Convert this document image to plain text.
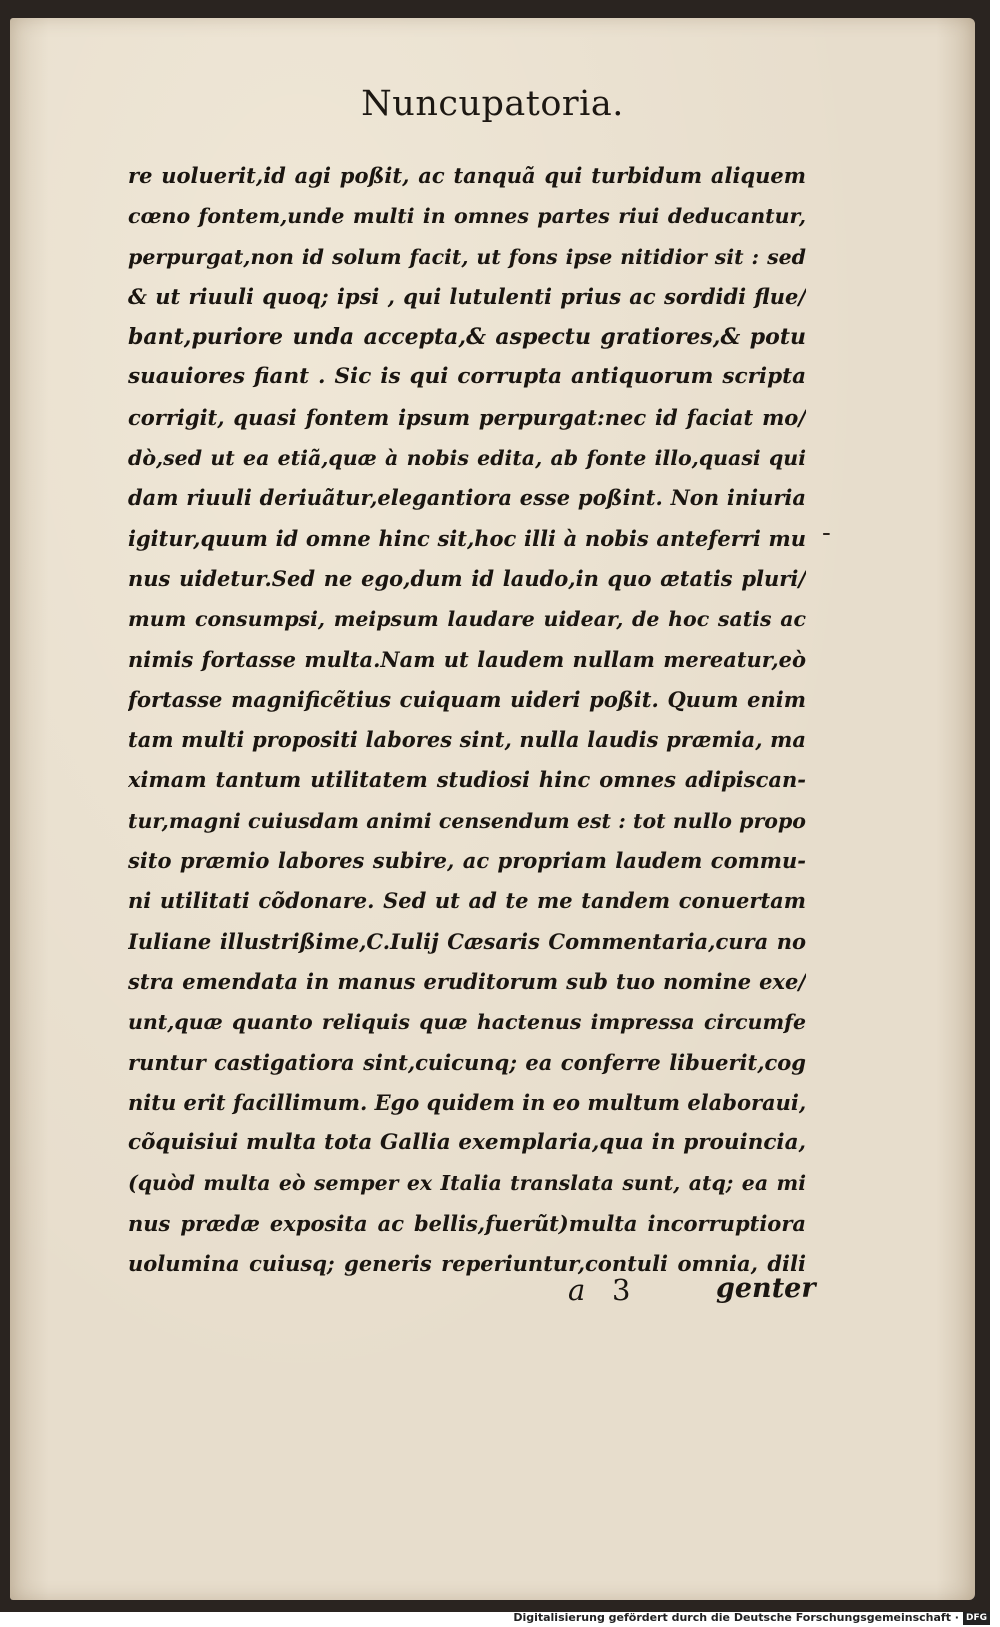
Nuncupatoria.
re uoluerit,id agi poßit, ac tanquã qui turbidum aliquem
cœno fontem,unde multi in omnes partes riui deducantur,
perpurgat,non id solum facit, ut fons ipse nitidior sit : sed
& ut riuuli quoq; ipsi , qui lutulenti prius ac sordidi flue/
bant,puriore unda accepta,& aspectu gratiores,& potu
suauiores fiant . Sic is qui corrupta antiquorum scripta
corrigit, quasi fontem ipsum perpurgat:nec id faciat mo/
dò,sed ut ea etiã,quæ à nobis edita, ab fonte illo,quasi qui
dam riuuli deriuãtur,elegantiora esse poßint. Non iniuria
igitur,quum id omne hinc sit,hoc illi à nobis anteferri mu
nus uidetur.Sed ne ego,dum id laudo,in quo ætatis pluri/
mum consumpsi, meipsum laudare uidear, de hoc satis ac
nimis fortasse multa.Nam ut laudem nullam mereatur,eò
fortasse magnificẽtius cuiquam uideri poßit. Quum enim
tam multi propositi labores sint, nulla laudis præmia, ma
ximam tantum utilitatem studiosi hinc omnes adipiscan-
tur,magni cuiusdam animi censendum est : tot nullo propo
sito præmio labores subire, ac propriam laudem commu-
ni utilitati cõdonare. Sed ut ad te me tandem conuertam
Iuliane illustrißime,C.Iulij Cæsaris Commentaria,cura no
stra emendata in manus eruditorum sub tuo nomine exe/
unt,quæ quanto reliquis quæ hactenus impressa circumfe
runtur castigatiora sint,cuicunq; ea conferre libuerit,cog
nitu erit facillimum. Ego quidem in eo multum elaboraui,
cõquisiui multa tota Gallia exemplaria,qua in prouincia,
(quòd multa eò semper ex Italia translata sunt, atq; ea mi
nus prædæ exposita ac bellis,fuerũt)multa incorruptiora
uolumina cuiusq; generis reperiuntur,contuli omnia, dili
-
a 3	genter
Digitalisierung gefördert durch die Deutsche Forschungsgemeinschaft · DFG
